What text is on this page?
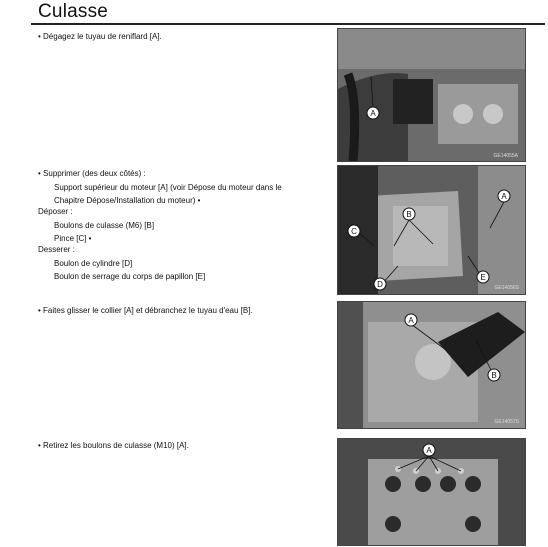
Culasse
• Dégagez le tuyau de reniflard [A].
• Supprimer (des deux côtés) :
Support supérieur du moteur [A] (voir Dépose du moteur dans le
Chapitre Dépose/Installation du moteur) •
Déposer :
Boulons de culasse (M6) [B]
Pince [C] •
Desserer :
Boulon de cylindre [D]
Boulon de serrage du corps de papillon [E]
• Faites glisser le collier [A] et débranchez le tuyau d'eau [B].
• Retirez les boulons de culasse (M10) [A].
A
GE14055A
A
B
C
D
E
GE14056S
A
B
GE14057S
A
